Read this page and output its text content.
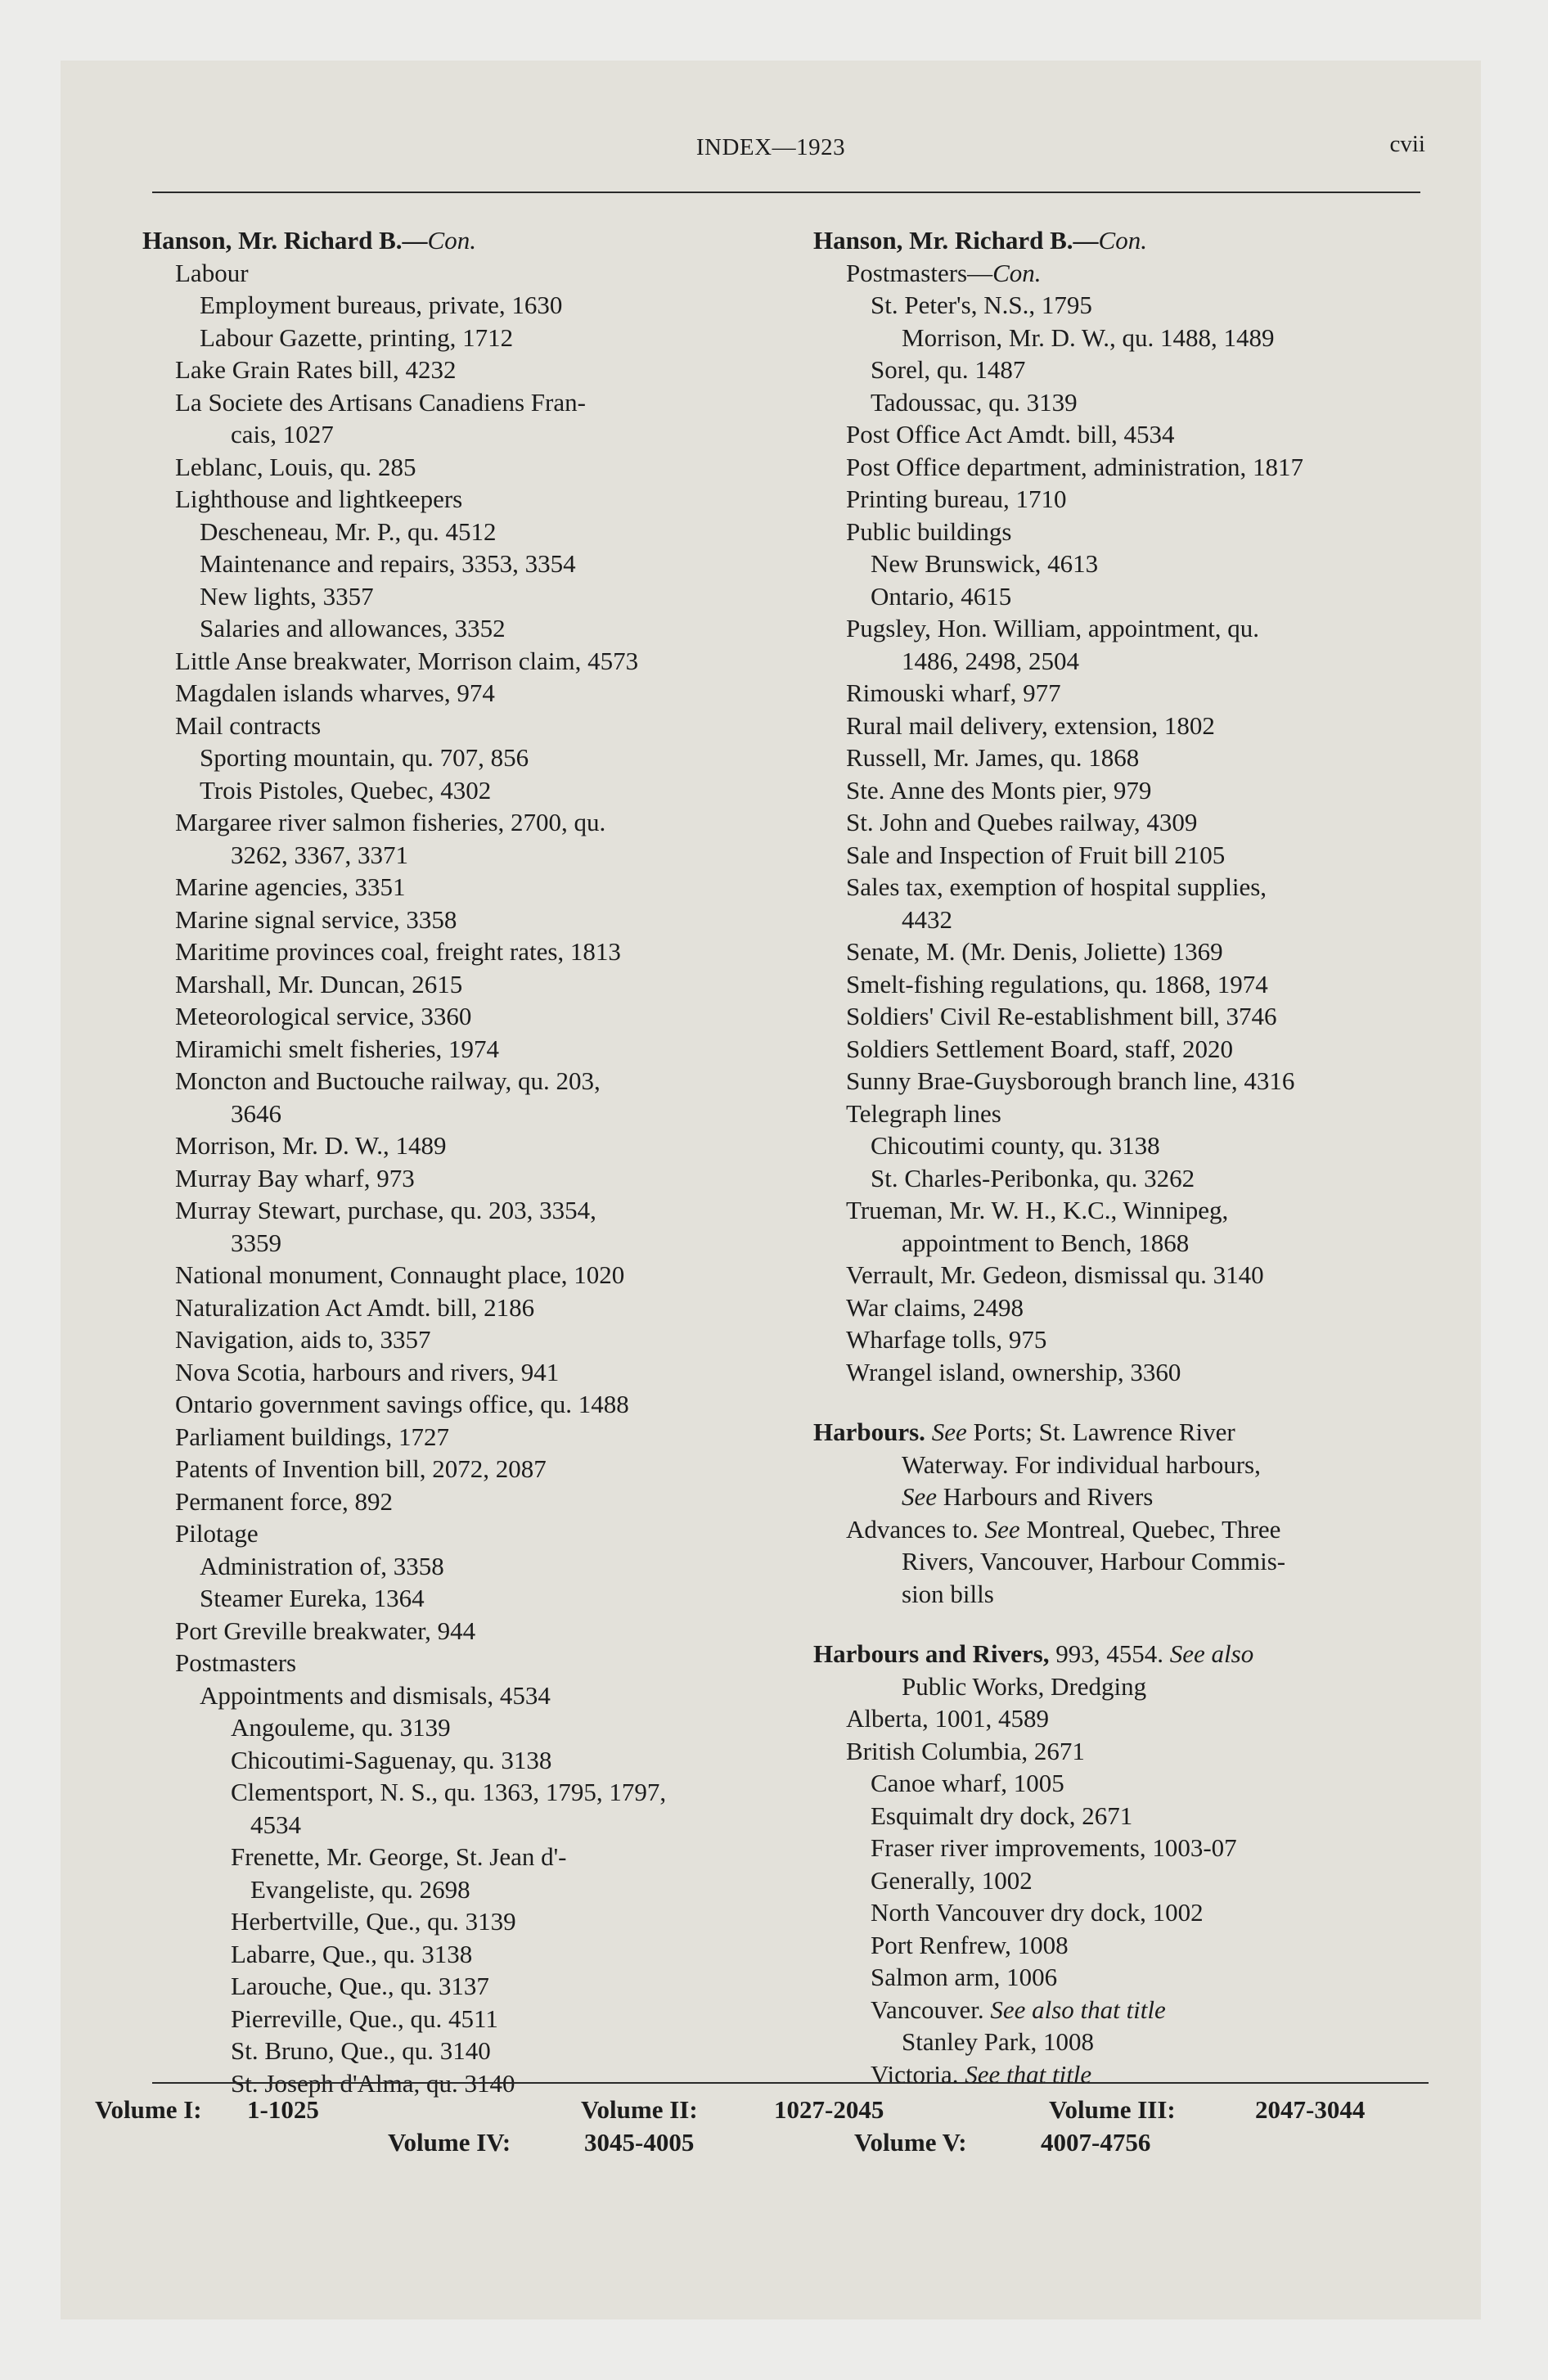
INDEX—1923	cvii
Hanson, Mr. Richard B.—Con.
Labour
Employment bureaus, private, 1630
Labour Gazette, printing, 1712
Lake Grain Rates bill, 4232
La Societe des Artisans Canadiens Fran-
cais, 1027
Leblanc, Louis, qu. 285
Lighthouse and lightkeepers
Descheneau, Mr. P., qu. 4512
Maintenance and repairs, 3353, 3354
New lights, 3357
Salaries and allowances, 3352
Little Anse breakwater, Morrison claim, 4573
Magdalen islands wharves, 974
Mail contracts
Sporting mountain, qu. 707, 856
Trois Pistoles, Quebec, 4302
Margaree river salmon fisheries, 2700, qu.
3262, 3367, 3371
Marine agencies, 3351
Marine signal service, 3358
Maritime provinces coal, freight rates, 1813
Marshall, Mr. Duncan, 2615
Meteorological service, 3360
Miramichi smelt fisheries, 1974
Moncton and Buctouche railway, qu. 203,
3646
Morrison, Mr. D. W., 1489
Murray Bay wharf, 973
Murray Stewart, purchase, qu. 203, 3354,
3359
National monument, Connaught place, 1020
Naturalization Act Amdt. bill, 2186
Navigation, aids to, 3357
Nova Scotia, harbours and rivers, 941
Ontario government savings office, qu. 1488
Parliament buildings, 1727
Patents of Invention bill, 2072, 2087
Permanent force, 892
Pilotage
Administration of, 3358
Steamer Eureka, 1364
Port Greville breakwater, 944
Postmasters
Appointments and dismisals, 4534
Angouleme, qu. 3139
Chicoutimi-Saguenay, qu. 3138
Clementsport, N. S., qu. 1363, 1795, 1797,
4534
Frenette, Mr. George, St. Jean d'-
Evangeliste, qu. 2698
Herbertville, Que., qu. 3139
Labarre, Que., qu. 3138
Larouche, Que., qu. 3137
Pierreville, Que., qu. 4511
St. Bruno, Que., qu. 3140
St. Joseph d'Alma, qu. 3140
Hanson, Mr. Richard B.—Con.
Postmasters—Con.
St. Peter's, N.S., 1795
Morrison, Mr. D. W., qu. 1488, 1489
Sorel, qu. 1487
Tadoussac, qu. 3139
Post Office Act Amdt. bill, 4534
Post Office department, administration, 1817
Printing bureau, 1710
Public buildings
New Brunswick, 4613
Ontario, 4615
Pugsley, Hon. William, appointment, qu.
1486, 2498, 2504
Rimouski wharf, 977
Rural mail delivery, extension, 1802
Russell, Mr. James, qu. 1868
Ste. Anne des Monts pier, 979
St. John and Quebes railway, 4309
Sale and Inspection of Fruit bill 2105
Sales tax, exemption of hospital supplies,
4432
Senate, M. (Mr. Denis, Joliette) 1369
Smelt-fishing regulations, qu. 1868, 1974
Soldiers' Civil Re-establishment bill, 3746
Soldiers Settlement Board, staff, 2020
Sunny Brae-Guysborough branch line, 4316
Telegraph lines
Chicoutimi county, qu. 3138
St. Charles-Peribonka, qu. 3262
Trueman, Mr. W. H., K.C., Winnipeg,
appointment to Bench, 1868
Verrault, Mr. Gedeon, dismissal qu. 3140
War claims, 2498
Wharfage tolls, 975
Wrangel island, ownership, 3360
Harbours. See Ports; St. Lawrence River
Waterway. For individual harbours,
See Harbours and Rivers
Advances to. See Montreal, Quebec, Three
Rivers, Vancouver, Harbour Commis-
sion bills
Harbours and Rivers, 993, 4554. See also
Public Works, Dredging
Alberta, 1001, 4589
British Columbia, 2671
Canoe wharf, 1005
Esquimalt dry dock, 2671
Fraser river improvements, 1003-07
Generally, 1002
North Vancouver dry dock, 1002
Port Renfrew, 1008
Salmon arm, 1006
Vancouver. See also that title
Stanley Park, 1008
Victoria. See that title
Volume I: 1-1025	Volume II:	1027-2045	Volume III:	2047-3044
Volume IV:	3045-4005	Volume V:	4007-4756
